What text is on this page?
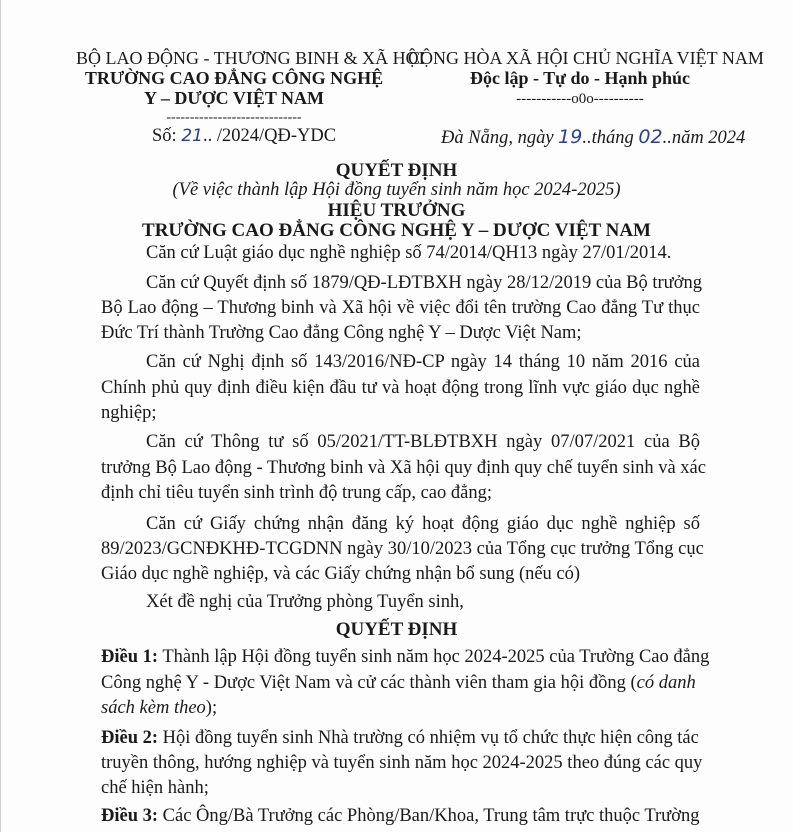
BỘ LAO ĐỘNG - THƯƠNG BINH & XÃ HỘI
TRƯỜNG CAO ĐẲNG CÔNG NGHỆ
Y – DƯỢC VIỆT NAM
-----------------------------
CỘNG HÒA XÃ HỘI CHỦ NGHĨA VIỆT NAM
Độc lập - Tự do - Hạnh phúc
-----------o0o----------
Số: 21.. /2024/QĐ-YDC	Đà Nẵng, ngày 19..tháng 02..năm 2024
QUYẾT ĐỊNH
(Về việc thành lập Hội đồng tuyển sinh năm học 2024-2025)
HIỆU TRƯỞNG
TRƯỜNG CAO ĐẲNG CÔNG NGHỆ Y – DƯỢC VIỆT NAM
Căn cứ Luật giáo dục nghề nghiệp số 74/2014/QH13 ngày 27/01/2014.
Căn cứ Quyết định số 1879/QĐ-LĐTBXH ngày 28/12/2019 của Bộ trưởng
Bộ Lao động – Thương binh và Xã hội về việc đổi tên trường Cao đẳng Tư thục
Đức Trí thành Trường Cao đẳng Công nghệ Y – Dược Việt Nam;
Căn cứ Nghị định số 143/2016/NĐ-CP ngày 14 tháng 10 năm 2016 của
Chính phủ quy định điều kiện đầu tư và hoạt động trong lĩnh vực giáo dục nghề
nghiệp;
Căn cứ Thông tư số 05/2021/TT-BLĐTBXH ngày 07/07/2021 của Bộ
trưởng Bộ Lao động - Thương binh và Xã hội quy định quy chế tuyển sinh và xác
định chỉ tiêu tuyển sinh trình độ trung cấp, cao đẳng;
Căn cứ Giấy chứng nhận đăng ký hoạt động giáo dục nghề nghiệp số
89/2023/GCNĐKHĐ-TCGDNN ngày 30/10/2023 của Tổng cục trưởng Tổng cục
Giáo dục nghề nghiệp, và các Giấy chứng nhận bổ sung (nếu có)
Xét đề nghị của Trưởng phòng Tuyển sinh,
QUYẾT ĐỊNH
Điều 1: Thành lập Hội đồng tuyển sinh năm học 2024-2025 của Trường Cao đẳng
Công nghệ Y - Dược Việt Nam và cử các thành viên tham gia hội đồng (có danh
sách kèm theo);
Điều 2: Hội đồng tuyển sinh Nhà trường có nhiệm vụ tổ chức thực hiện công tác
truyền thông, hướng nghiệp và tuyển sinh năm học 2024-2025 theo đúng các quy
chế hiện hành;
Điều 3: Các Ông/Bà Trưởng các Phòng/Ban/Khoa, Trung tâm trực thuộc Trường
